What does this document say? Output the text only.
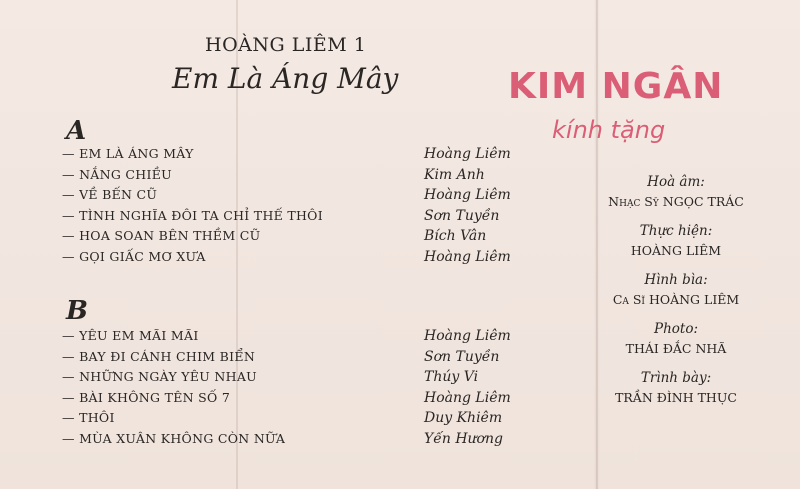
HOÀNG LIÊM 1
Em Là Áng Mây	KIM NGÂN
kính tặng
A
— EM LÀ ÁNG MÂY	Hoàng Liêm
— NẮNG CHIỀU	Kim Anh
— VỀ BẾN CŨ	Hoàng Liêm
— TÌNH NGHĨA ĐÔI TA CHỈ THẾ THÔI	Sơn Tuyền
— HOA SOAN BÊN THỀM CŨ	Bích Vân
— GỌI GIẤC MƠ XƯA	Hoàng Liêm
B
— YÊU EM MÃI MÃI	Hoàng Liêm
— BAY ĐI CÁNH CHIM BIỂN	Sơn Tuyền
— NHỮNG NGÀY YÊU NHAU	Thúy Vi
— BÀI KHÔNG TÊN SỐ 7	Hoàng Liêm
— THÔI	Duy Khiêm
— MÙA XUÂN KHÔNG CÒN NỮA	Yến Hương
Hoà âm:
Nhạc Sỹ NGỌC TRÁC
Thực hiện:
HOÀNG LIÊM
Hình bìa:
Ca Sĩ HOÀNG LIÊM
Photo:
THÁI ĐẮC NHÃ
Trình bày:
TRẦN ĐÌNH THỤC
